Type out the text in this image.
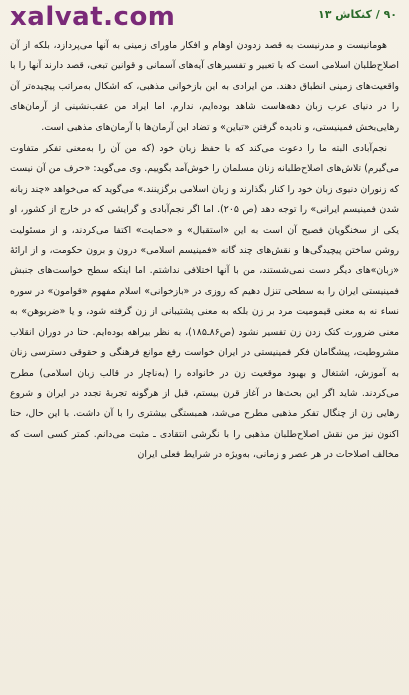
xalvat.com	۹۰ / کنکاش ۱۳

هومانیست و مدرنیست به قصد زدودن اوهام و افکار ماورای زمینی به آنها می‌پردازد، بلکه از آن اصلاح‌طلبان اسلامی است که با تعبیر و تفسیرهای آیه‌های آسمانی و قوانین تبعی، قصد دارند آنها را با واقعیت‌های زمینی انطباق دهند. من ایرادی به این بازخوانی مذهبی، که اشکال به‌مراتب پیچیده‌تر آن را در دنیای عرب زبان دهه‌هاست شاهد بوده‌ایم، ندارم. اما ایراد من عقب‌نشینی از آرمان‌های رهایی‌بخش فمینیستی، و نادیده گرفتن «تباین» و تضاد این آرمان‌ها با آرمان‌های مذهبی است.

نجم‌آبادی البته ما را دعوت می‌کند که با حفظ زبان خود (که من آن را به‌معنی تفکر متفاوت می‌گیرم) تلاش‌های اصلاح‌طلبانه زنان مسلمان را خوش‌آمد بگوییم. وی می‌گوید: «حرف من آن نیست که زنوران دنیوی زبان خود را کنار بگذارند و زبان اسلامی برگزینند.» می‌گوید که می‌خواهد «چند زبانه شدن فمینیسم ایرانی» را توجه دهد (ص ۲۰۵). اما اگر نجم‌آبادی و گرایشی که در خارج از کشور، او یکی از سخنگویان فصیح آن است به این «استقبال» و «حمایت» اکتفا می‌کردند، و از مسئولیت روشن ساختن پیچیدگی‌ها و نقش‌های چند گانه «فمینیسم اسلامی» درون و برون حکومت، و از ارائهٔ «زبان»های دیگر دست نمی‌شستند، من با آنها اختلافی نداشتم. اما اینکه سطح خواست‌های جنبش فمینیستی ایران را به سطحی تنزل دهیم که روزی در «بازخوانی» اسلام مفهوم «قوامون» در سوره نساء نه به معنی قیمومیت مرد بر زن بلکه به معنی پشتیبانی از زن گرفته شود، و یا «ضربوهن» به معنی ضرورت کتک زدن زن تفسیر نشود (ص۸۶ـ۱۸۵)، به نظر بیراهه بوده‌ایم. حتا در دوران انقلاب مشروطیت، پیشگامان فکر فمینیستی در ایران خواست رفع موانع فرهنگی و حقوقی دسترسی زنان به آموزش، اشتغال و بهبود موقعیت زن در خانواده را (به‌ناچار در قالب زبان اسلامی) مطرح می‌کردند. شاید اگر این بحث‌ها در آغاز قرن بیستم، قبل از هرگونه تجربهٔ تجدد در ایران و شروع رهایی زن از چنگال تفکر مذهبی مطرح می‌شد، همبستگی بیشتری را با آن داشت. با این حال، حتا اکنون نیز من نقش اصلاح‌طلبان مذهبی را با نگرشی انتقادی ـ مثبت می‌دانم. کمتر کسی است که مخالف اصلاحات در هر عصر و زمانی، به‌ویژه در شرایط فعلی ایران
